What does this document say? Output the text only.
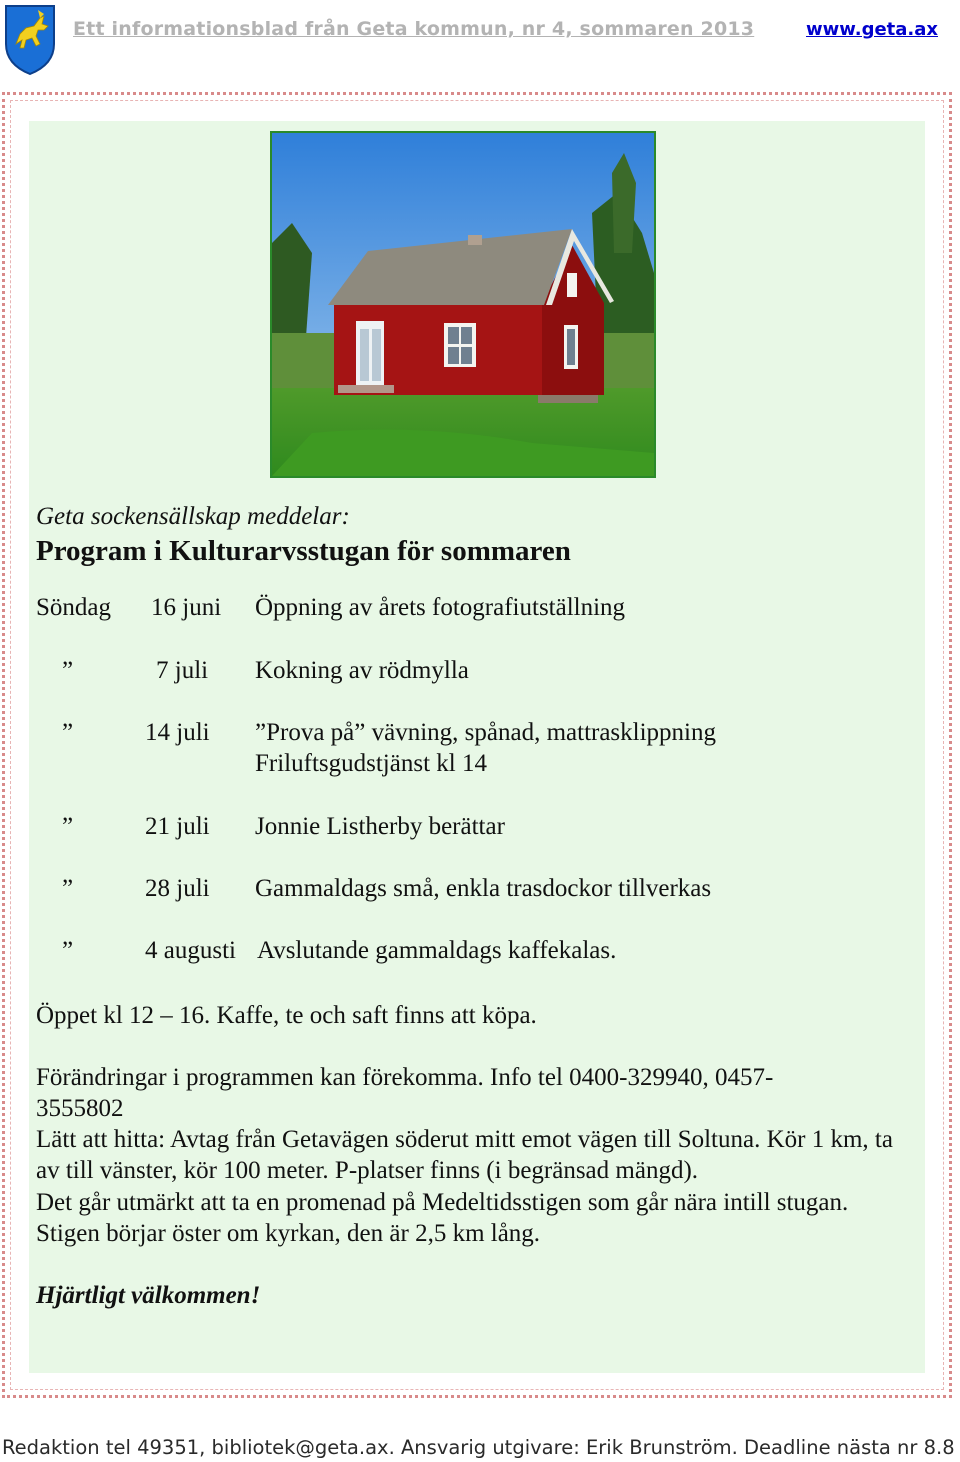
Ett informationsblad från Geta kommun, nr 4, sommaren 2013	www.geta.ax
Geta sockensällskap meddelar:
Program i Kulturarvsstugan för sommaren
Söndag 16 juni Öppning av årets fotografiutställning
”	7 juli Kokning av rödmylla
”	14 juli ”Prova på” vävning, spånad, mattrasklippning
Friluftsgudstjänst kl 14
”	21 juli Jonnie Listherby berättar
”	28 juli Gammaldags små, enkla trasdockor tillverkas
”	4 augusti Avslutande gammaldags kaffekalas.
Öppet kl 12 – 16. Kaffe, te och saft finns att köpa.
Förändringar i programmen kan förekomma. Info tel 0400-329940, 0457-3555802
Lätt att hitta: Avtag från Getavägen söderut mitt emot vägen till Soltuna. Kör 1 km, ta av till vänster, kör 100 meter. P-platser finns (i begränsad mängd).
Det går utmärkt att ta en promenad på Medeltidsstigen som går nära intill stugan. Stigen börjar öster om kyrkan, den är 2,5 km lång.
Hjärtligt välkommen!
Redaktion tel 49351, bibliotek@geta.ax. Ansvarig utgivare: Erik Brunström. Deadline nästa nr 8.8
